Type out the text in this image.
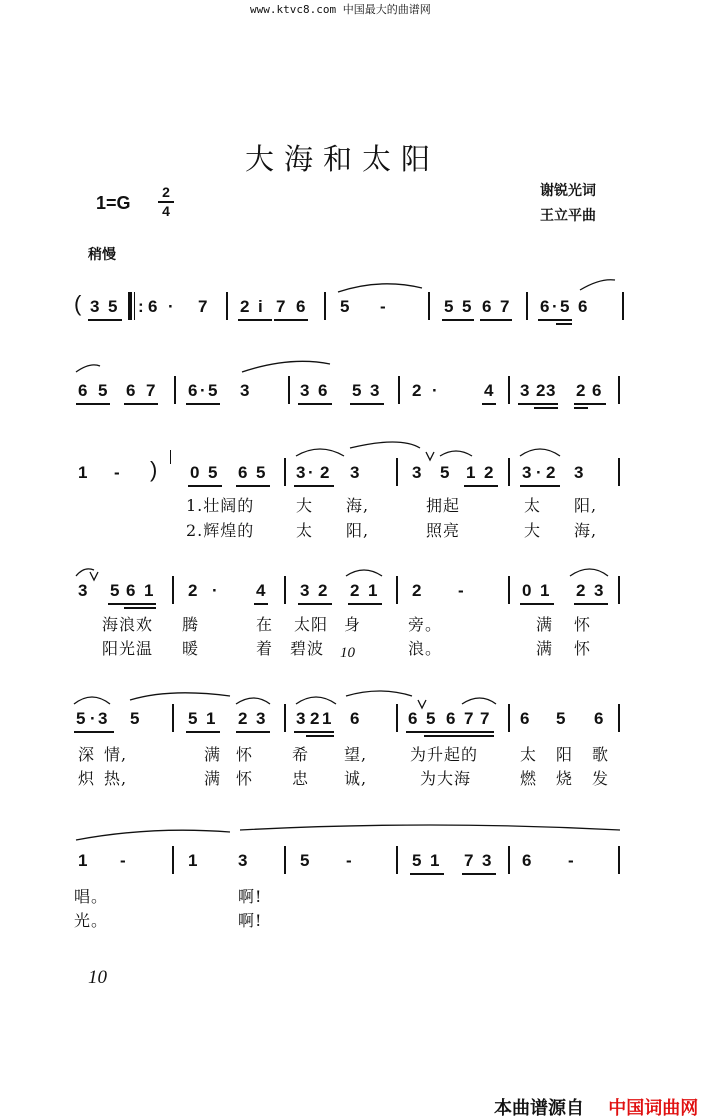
www.ktvc8.com 中国最大的曲谱网
大海和太阳
1=G
2
4
谢锐光词
王立平曲
稍慢
( 3 5 : 6 · 7 2 i 7 6 5 -	5 5 6 7 6 · 5 6
6 5 6 7 6 · 5 3	3 6 5 3 2 ·	4 3 2 3 2 6
1 - ) 0 5 6 5 3 · 2 3	3 5 1 2 3 · 2 3
1.壮阔的	大 海,	拥起	太 阳,
2.辉煌的	太 阳,	照亮	大 海,
3 5 6 1 2 · 4 3 2 2 1 2 -	0 1 2 3
海浪欢 腾	在 太阳 身	旁。	满 怀
阳光温 暖	着 碧波	浪。	满 怀
10
5 · 3 5	5 1 2 3 3 2 1 6	6 5 6 7 7 6 5 6
深 情,	满 怀 希 望,	为升起的	太 阳 歌
炽 热,	满 怀 忠 诚,	为大海	燃 烧 发
1 -	1 3	5 -	5 1 7 3 6 -
唱。	啊!
光。	啊!
10
本曲谱源自 中国词曲网
